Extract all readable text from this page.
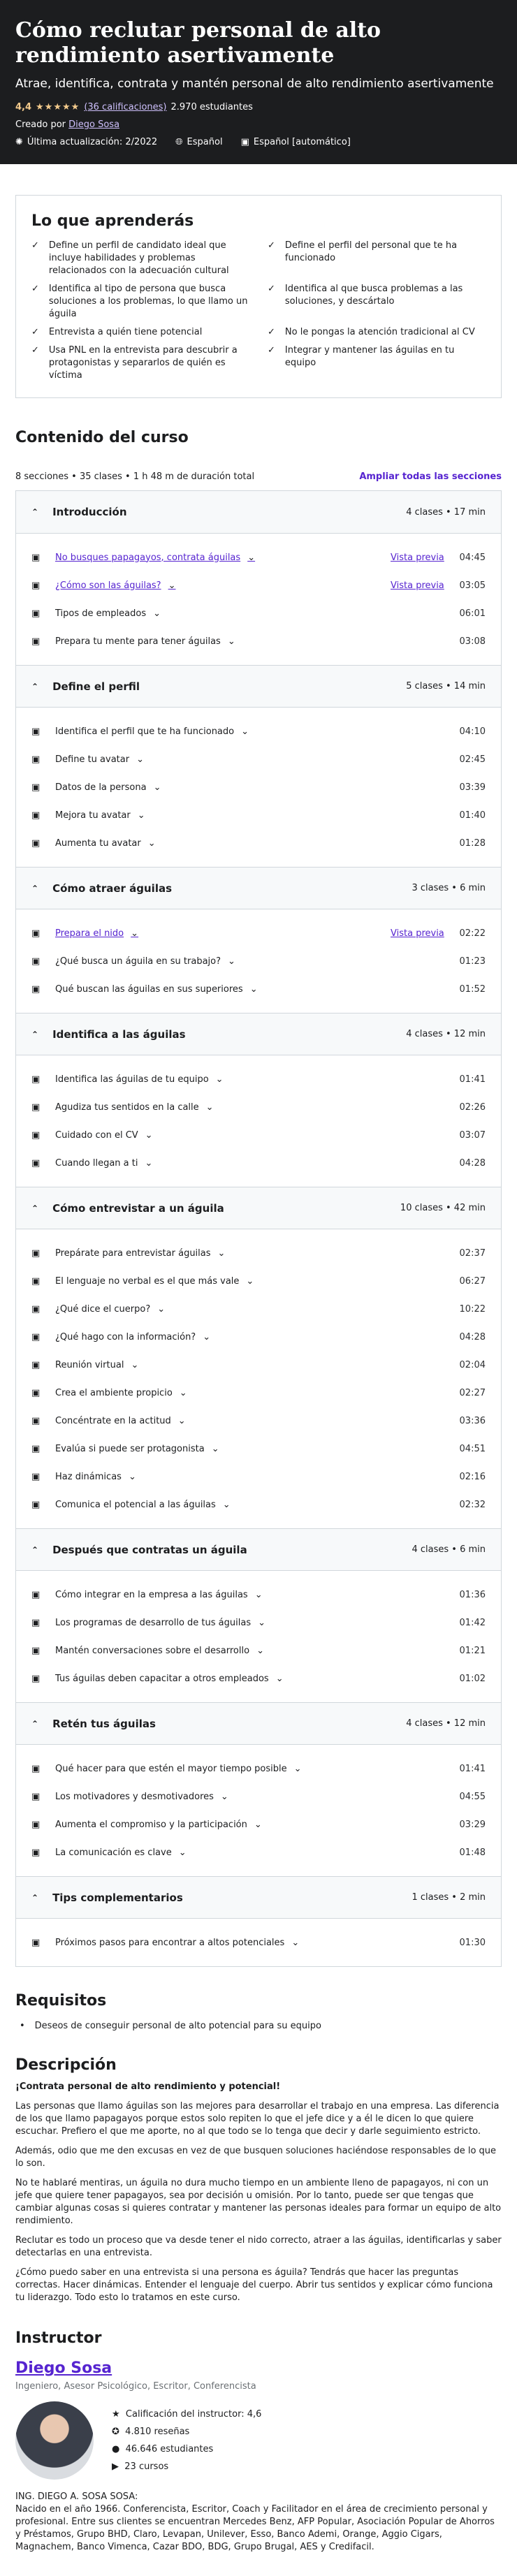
Cómo reclutar personal de alto rendimiento asertivamente
Atrae, identifica, contrata y mantén personal de alto rendimiento asertivamente
4,4 ★★★★★ (36 calificaciones) 2.970 estudiantes
Creado por Diego Sosa
✺ Última actualización: 2/2022 🌐︎ Español ▣ Español [automático]
Lo que aprenderás
✓ Define un perfil de candidato ideal que incluye habilidades y problemas relacionados con la adecuación cultural
✓ Define el perfil del personal que te ha funcionado
✓ Identifica al tipo de persona que busca soluciones a los problemas, lo que llamo un águila
✓ Identifica al que busca problemas a las soluciones, y descártalo
✓ Entrevista a quién tiene potencial	✓ No le pongas la atención tradicional al CV
✓ Usa PNL en la entrevista para descubrir a protagonistas y separarlos de quién es víctima
✓ Integrar y mantener las águilas en tu equipo
Contenido del curso
8 secciones • 35 clases • 1 h 48 m de duración total	Ampliar todas las secciones
⌃ Introducción	4 clases • 17 min
▣	No busques papagayos, contrata águilas ⌄	Vista previa	04:45
▣	¿Cómo son las águilas? ⌄	Vista previa	03:05
▣	Tipos de empleados ⌄	06:01
▣	Prepara tu mente para tener águilas ⌄	03:08
⌃ Define el perfil	5 clases • 14 min
▣	Identifica el perfil que te ha funcionado ⌄	04:10
▣	Define tu avatar ⌄	02:45
▣	Datos de la persona ⌄	03:39
▣	Mejora tu avatar ⌄	01:40
▣	Aumenta tu avatar ⌄	01:28
⌃ Cómo atraer águilas	3 clases • 6 min
▣	Prepara el nido ⌄	Vista previa	02:22
▣	¿Qué busca un águila en su trabajo? ⌄	01:23
▣	Qué buscan las águilas en sus superiores ⌄	01:52
⌃ Identifica a las águilas	4 clases • 12 min
▣	Identifica las águilas de tu equipo ⌄	01:41
▣	Agudiza tus sentidos en la calle ⌄	02:26
▣	Cuidado con el CV ⌄	03:07
▣	Cuando llegan a ti ⌄	04:28
⌃ Cómo entrevistar a un águila	10 clases • 42 min
▣	Prepárate para entrevistar águilas ⌄	02:37
▣	El lenguaje no verbal es el que más vale ⌄	06:27
▣	¿Qué dice el cuerpo? ⌄	10:22
▣	¿Qué hago con la información? ⌄	04:28
▣	Reunión virtual ⌄	02:04
▣	Crea el ambiente propicio ⌄	02:27
▣	Concéntrate en la actitud ⌄	03:36
▣	Evalúa si puede ser protagonista ⌄	04:51
▣	Haz dinámicas ⌄	02:16
▣	Comunica el potencial a las águilas ⌄	02:32
⌃ Después que contratas un águila	4 clases • 6 min
▣	Cómo integrar en la empresa a las águilas ⌄	01:36
▣	Los programas de desarrollo de tus águilas ⌄	01:42
▣	Mantén conversaciones sobre el desarrollo ⌄	01:21
▣	Tus águilas deben capacitar a otros empleados ⌄	01:02
⌃ Retén tus águilas	4 clases • 12 min
▣	Qué hacer para que estén el mayor tiempo posible ⌄	01:41
▣	Los motivadores y desmotivadores ⌄	04:55
▣	Aumenta el compromiso y la participación ⌄	03:29
▣	La comunicación es clave ⌄	01:48
⌃ Tips complementarios	1 clases • 2 min
▣	Próximos pasos para encontrar a altos potenciales ⌄	01:30
Requisitos
• Deseos de conseguir personal de alto potencial para su equipo
Descripción

¡Contrata personal de alto rendimiento y potencial!

Las personas que llamo águilas son las mejores para desarrollar el trabajo en una empresa. Las diferencia de los que llamo papagayos porque estos solo repiten lo que el jefe dice y a él le dicen lo que quiere escuchar. Prefiero el que me aporte, no al que todo se lo tenga que decir y darle seguimiento estricto.

Además, odio que me den excusas en vez de que busquen soluciones haciéndose responsables de lo que lo son.

No te hablaré mentiras, un águila no dura mucho tiempo en un ambiente lleno de papagayos, ni con un jefe que quiere tener papagayos, sea por decisión u omisión. Por lo tanto, puede ser que tengas que cambiar algunas cosas si quieres contratar y mantener las personas ideales para formar un equipo de alto rendimiento.

Reclutar es todo un proceso que va desde tener el nido correcto, atraer a las águilas, identificarlas y saber detectarlas en una entrevista.

¿Cómo puedo saber en una entrevista si una persona es águila? Tendrás que hacer las preguntas correctas. Hacer dinámicas. Entender el lenguaje del cuerpo. Abrir tus sentidos y explicar cómo funciona tu liderazgo. Todo esto lo tratamos en este curso.

Instructor
Diego Sosa
Ingeniero, Asesor Psicológico, Escritor, Conferencista
★ Calificación del instructor: 4,6
✪ 4.810 reseñas
● 46.646 estudiantes
▶ 23 cursos
ING. DIEGO A. SOSA SOSA:
Nacido en el año 1966. Conferencista, Escritor, Coach y Facilitador en el área de crecimiento personal y profesional. Entre sus clientes se encuentran Mercedes Benz, AFP Popular, Asociación Popular de Ahorros y Préstamos, Grupo BHD, Claro, Levapan, Unilever, Esso, Banco Ademi, Orange, Aggio Cigars, Magnachem, Banco Vimenca, Cazar BDO, BDG, Grupo Brugal, AES y Credifacil.
